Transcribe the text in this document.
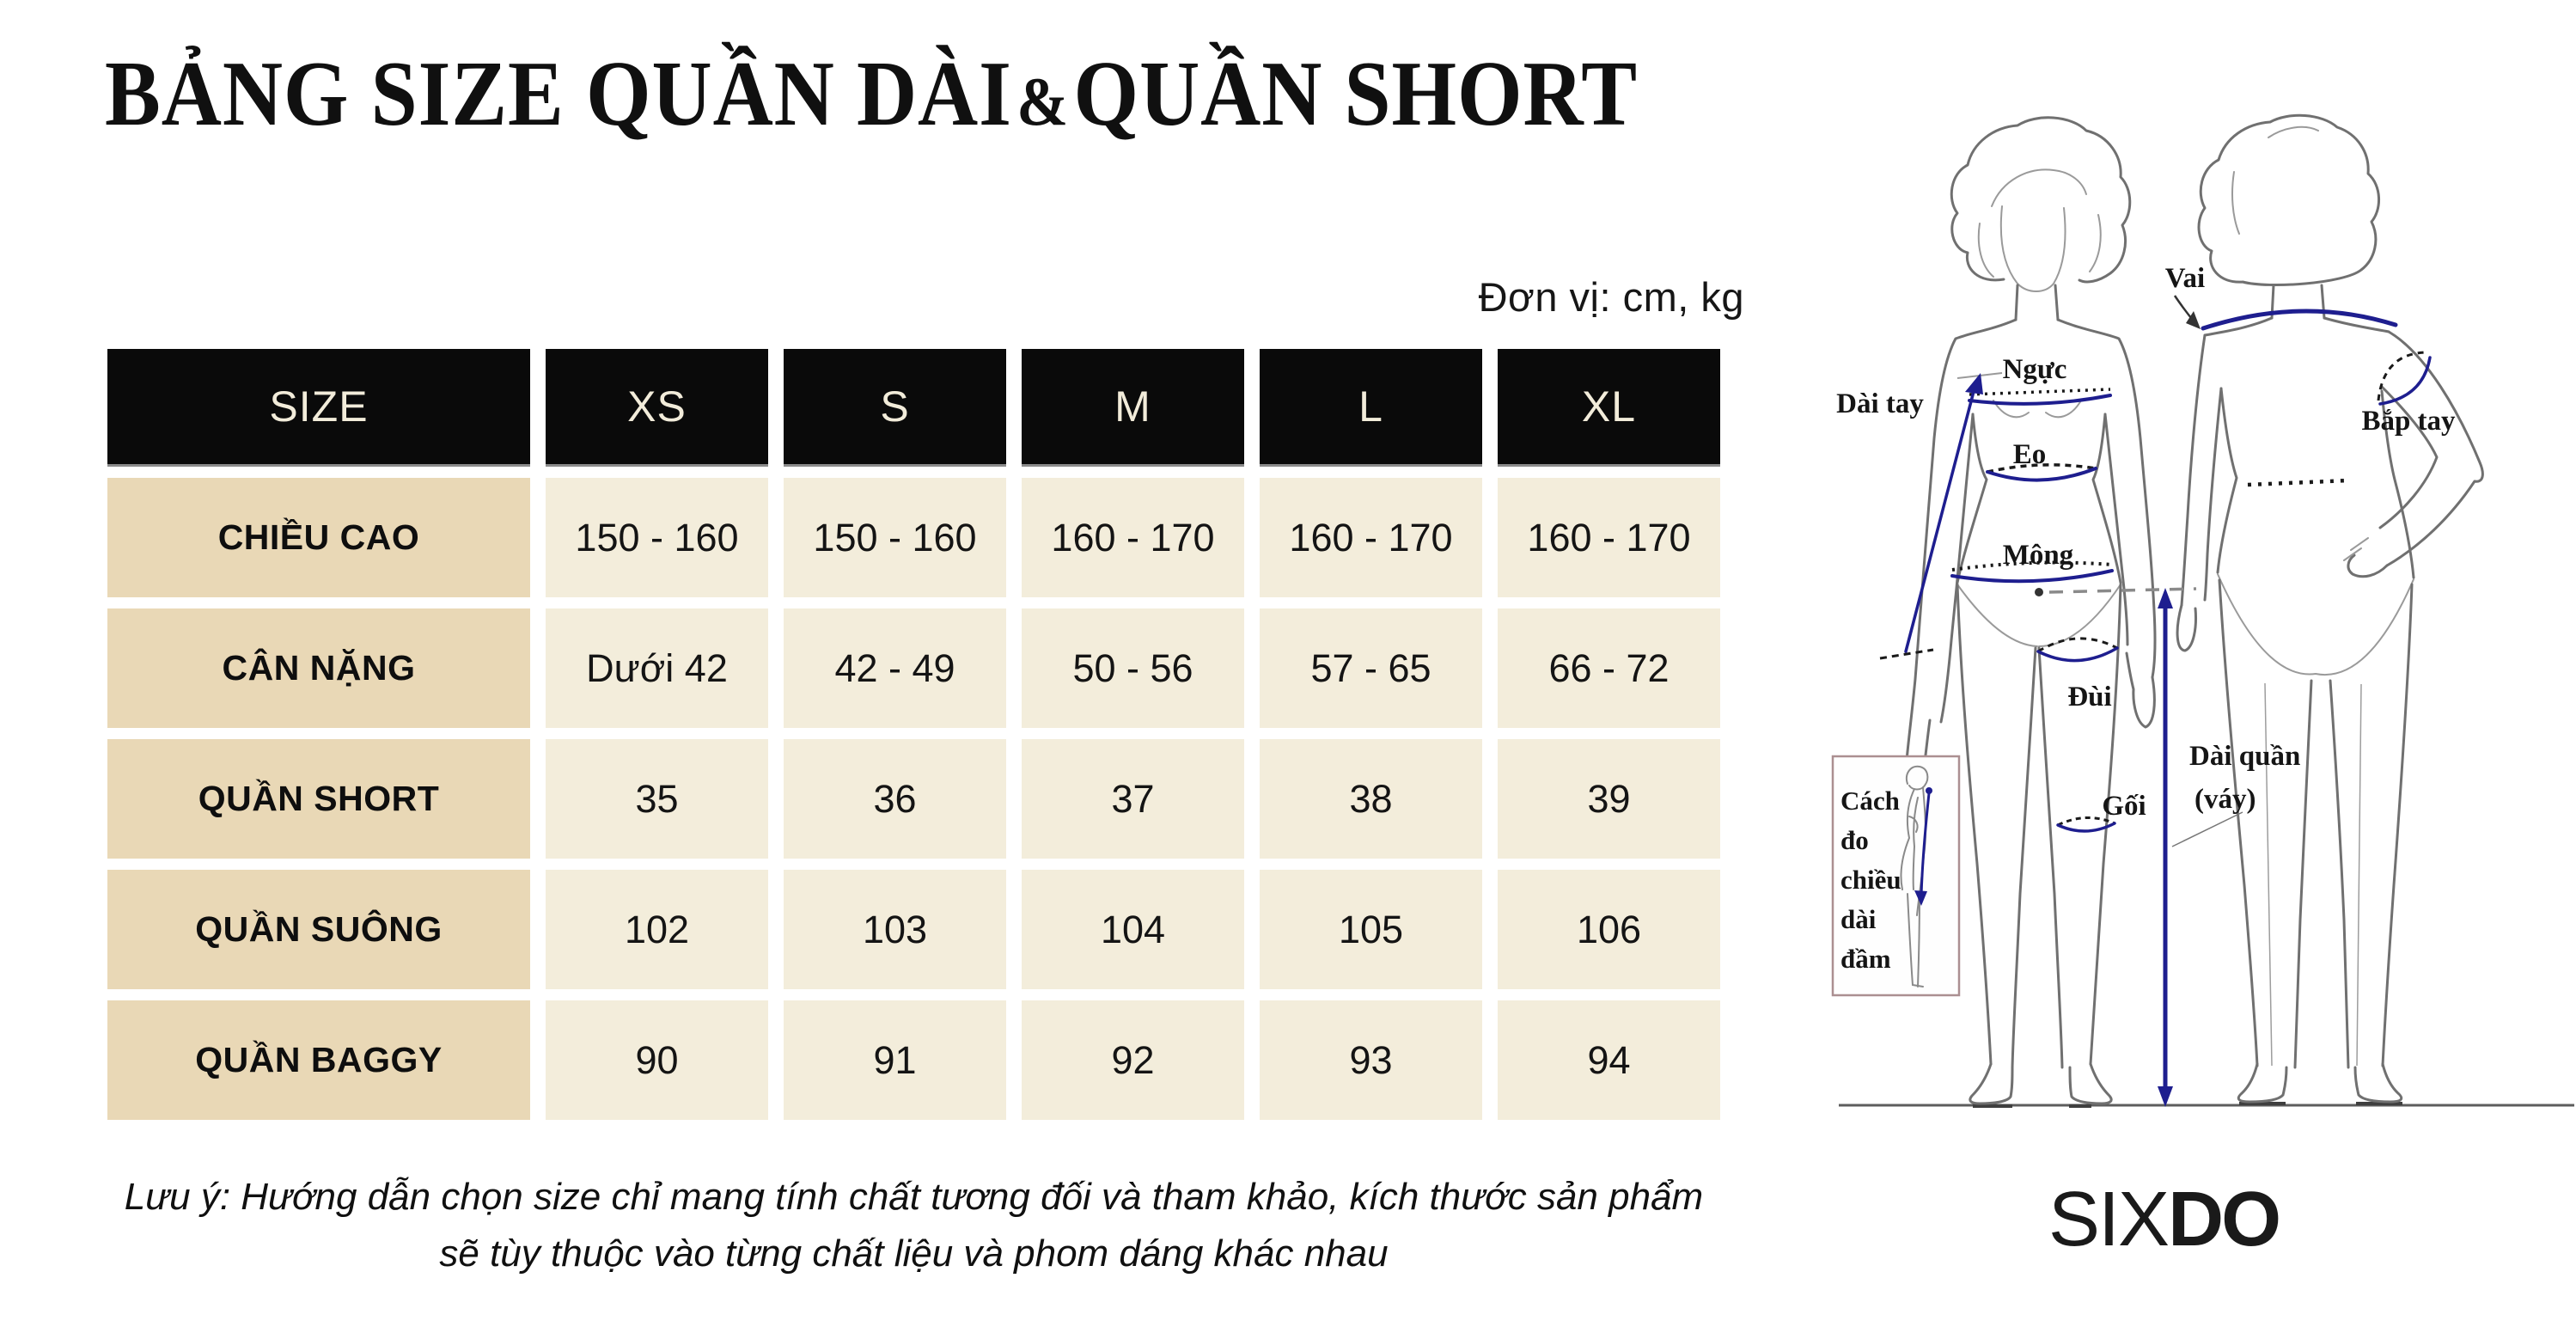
BẢNG SIZE QUẦN DÀI&QUẦN SHORT
Đơn vị: cm, kg
SIZE	XS	S	M	L	XL
CHIỀU CAO	150 - 160	150 - 160	160 - 170	160 - 170	160 - 170
CÂN NẶNG	Dưới 42	42 - 49	50 - 56	57 - 65	66 - 72
QUẦN SHORT	35	36	37	38	39
QUẦN SUÔNG	102	103	104	105	106
QUẦN BAGGY	90	91	92	93	94
Lưu ý: Hướng dẫn chọn size chỉ mang tính chất tương đối và tham khảo, kích thước sản phẩm
sẽ tùy thuộc vào từng chất liệu và phom dáng khác nhau
Dài tay
Ngực
Eo
Mông
Đùi
Gối
Vai
Bắp tay
Dài quần
(váy)
Cách
đo
chiều
dài
đầm
SIXDO
